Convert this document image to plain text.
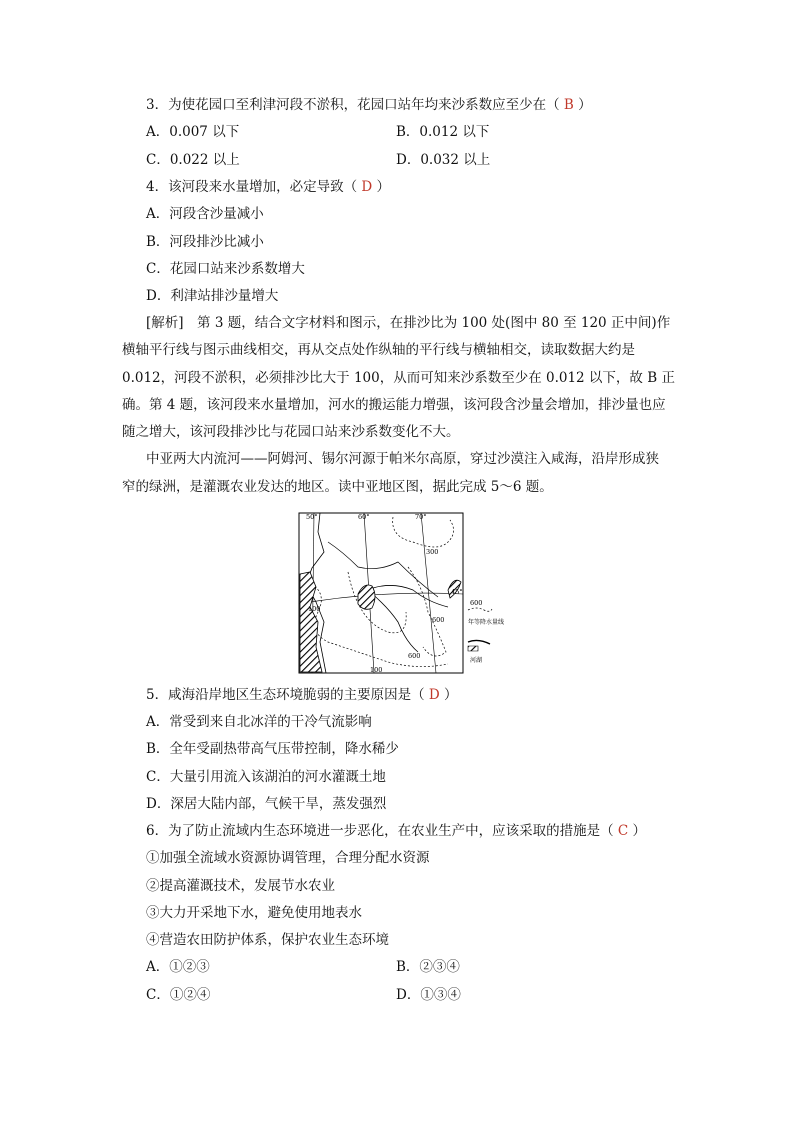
3．为使花园口至利津河段不淤积，花园口站年均来沙系数应至少在（ B ）
A．0.007 以下	B．0.012 以下
C．0.022 以上	D．0.032 以上
4．该河段来水量增加，必定导致（ D ）
A．河段含沙量减小
B．河段排沙比减小
C．花园口站来沙系数增大
D．利津站排沙量增大
[解析]　第 3 题，结合文字材料和图示，在排沙比为 100 处(图中 80 至 120 正中间)作
横轴平行线与图示曲线相交，再从交点处作纵轴的平行线与横轴相交，读取数据大约是
0.012，河段不淤积，必须排沙比大于 100，从而可知来沙系数至少在 0.012 以下，故 B 正
确。第 4 题，该河段来水量增加，河水的搬运能力增强，该河段含沙量会增加，排沙量也应
随之增大，该河段排沙比与花园口站来沙系数变化不大。
中亚两大内流河——阿姆河、锡尔河源于帕米尔高原，穿过沙漠注入咸海，沿岸形成狭
窄的绿洲，是灌溉农业发达的地区。读中亚地区图，据此完成 5～6 题。
50°	60°	70°
45°
300
100
600
600
100
600
年等降水量线
河湖
5．咸海沿岸地区生态环境脆弱的主要原因是（ D ）
A．常受到来自北冰洋的干冷气流影响
B．全年受副热带高气压带控制，降水稀少
C．大量引用流入该湖泊的河水灌溉土地
D．深居大陆内部，气候干旱，蒸发强烈
6．为了防止流域内生态环境进一步恶化，在农业生产中，应该采取的措施是（ C ）
①加强全流域水资源协调管理，合理分配水资源
②提高灌溉技术，发展节水农业
③大力开采地下水，避免使用地表水
④营造农田防护体系，保护农业生态环境
A．①②③	B．②③④
C．①②④	D．①③④
